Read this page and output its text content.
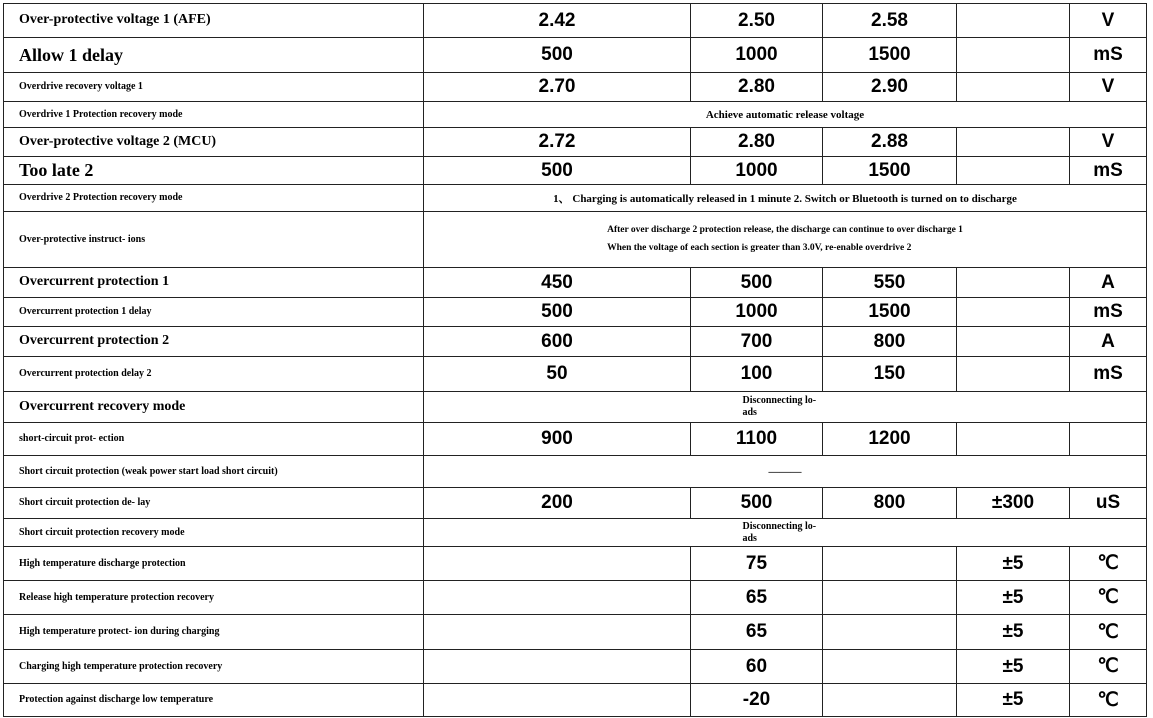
Over-protective voltage 1 (AFE)	2.42	2.50	2.58		V
Allow 1 delay	500	1000	1500		mS
Overdrive recovery voltage 1	2.70	2.80	2.90		V
Overdrive 1 Protection recovery mode	Achieve automatic release voltage				
Over-protective voltage 2 (MCU)	2.72	2.80	2.88		V
Too late 2	500	1000	1500		mS
Overdrive 2 Protection recovery mode	1、 Charging is automatically released in 1 minute 2. Switch or Bluetooth is turned on to discharge				
Over-protective instruct- ions	After over discharge 2 protection release, the discharge can continue to over discharge 1
When the voltage of each section is greater than 3.0V, re-enable overdrive 2				

Overcurrent protection 1	450	500	550		A
Overcurrent protection 1 delay	500	1000	1500		mS
Overcurrent protection 2	600	700	800		A
Overcurrent protection delay 2	50	100	150		mS
Overcurrent recovery mode	Disconnecting lo- ads				
short-circuit prot- ection	900	1100	1200		
Short circuit protection (weak power start load short circuit)	———				
Short circuit protection de- lay	200	500	800	±300	uS
Short circuit protection recovery mode	Disconnecting lo- ads				
High temperature discharge protection		75		±5	℃
Release high temperature protection recovery		65		±5	℃
High temperature protect- ion during charging		65		±5	℃
Charging high temperature protection recovery		60		±5	℃
Protection against discharge low temperature		-20		±5	℃
